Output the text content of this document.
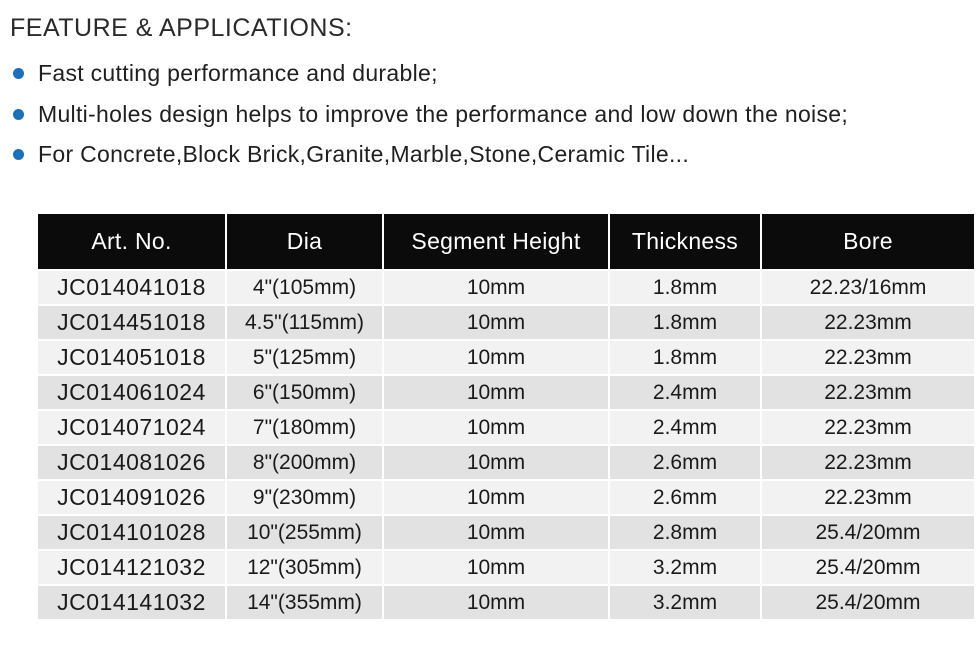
FEATURE & APPLICATIONS:
Fast cutting performance and durable;
Multi-holes design helps to improve the performance and low down the noise;
For Concrete,Block Brick,Granite,Marble,Stone,Ceramic Tile...
Art. No.	Dia	Segment Height	Thickness	Bore
JC014041018	4"(105mm)	10mm	1.8mm	22.23/16mm
JC014451018	4.5"(115mm)	10mm	1.8mm	22.23mm
JC014051018	5"(125mm)	10mm	1.8mm	22.23mm
JC014061024	6"(150mm)	10mm	2.4mm	22.23mm
JC014071024	7"(180mm)	10mm	2.4mm	22.23mm
JC014081026	8"(200mm)	10mm	2.6mm	22.23mm
JC014091026	9"(230mm)	10mm	2.6mm	22.23mm
JC014101028	10"(255mm)	10mm	2.8mm	25.4/20mm
JC014121032	12"(305mm)	10mm	3.2mm	25.4/20mm
JC014141032	14"(355mm)	10mm	3.2mm	25.4/20mm
